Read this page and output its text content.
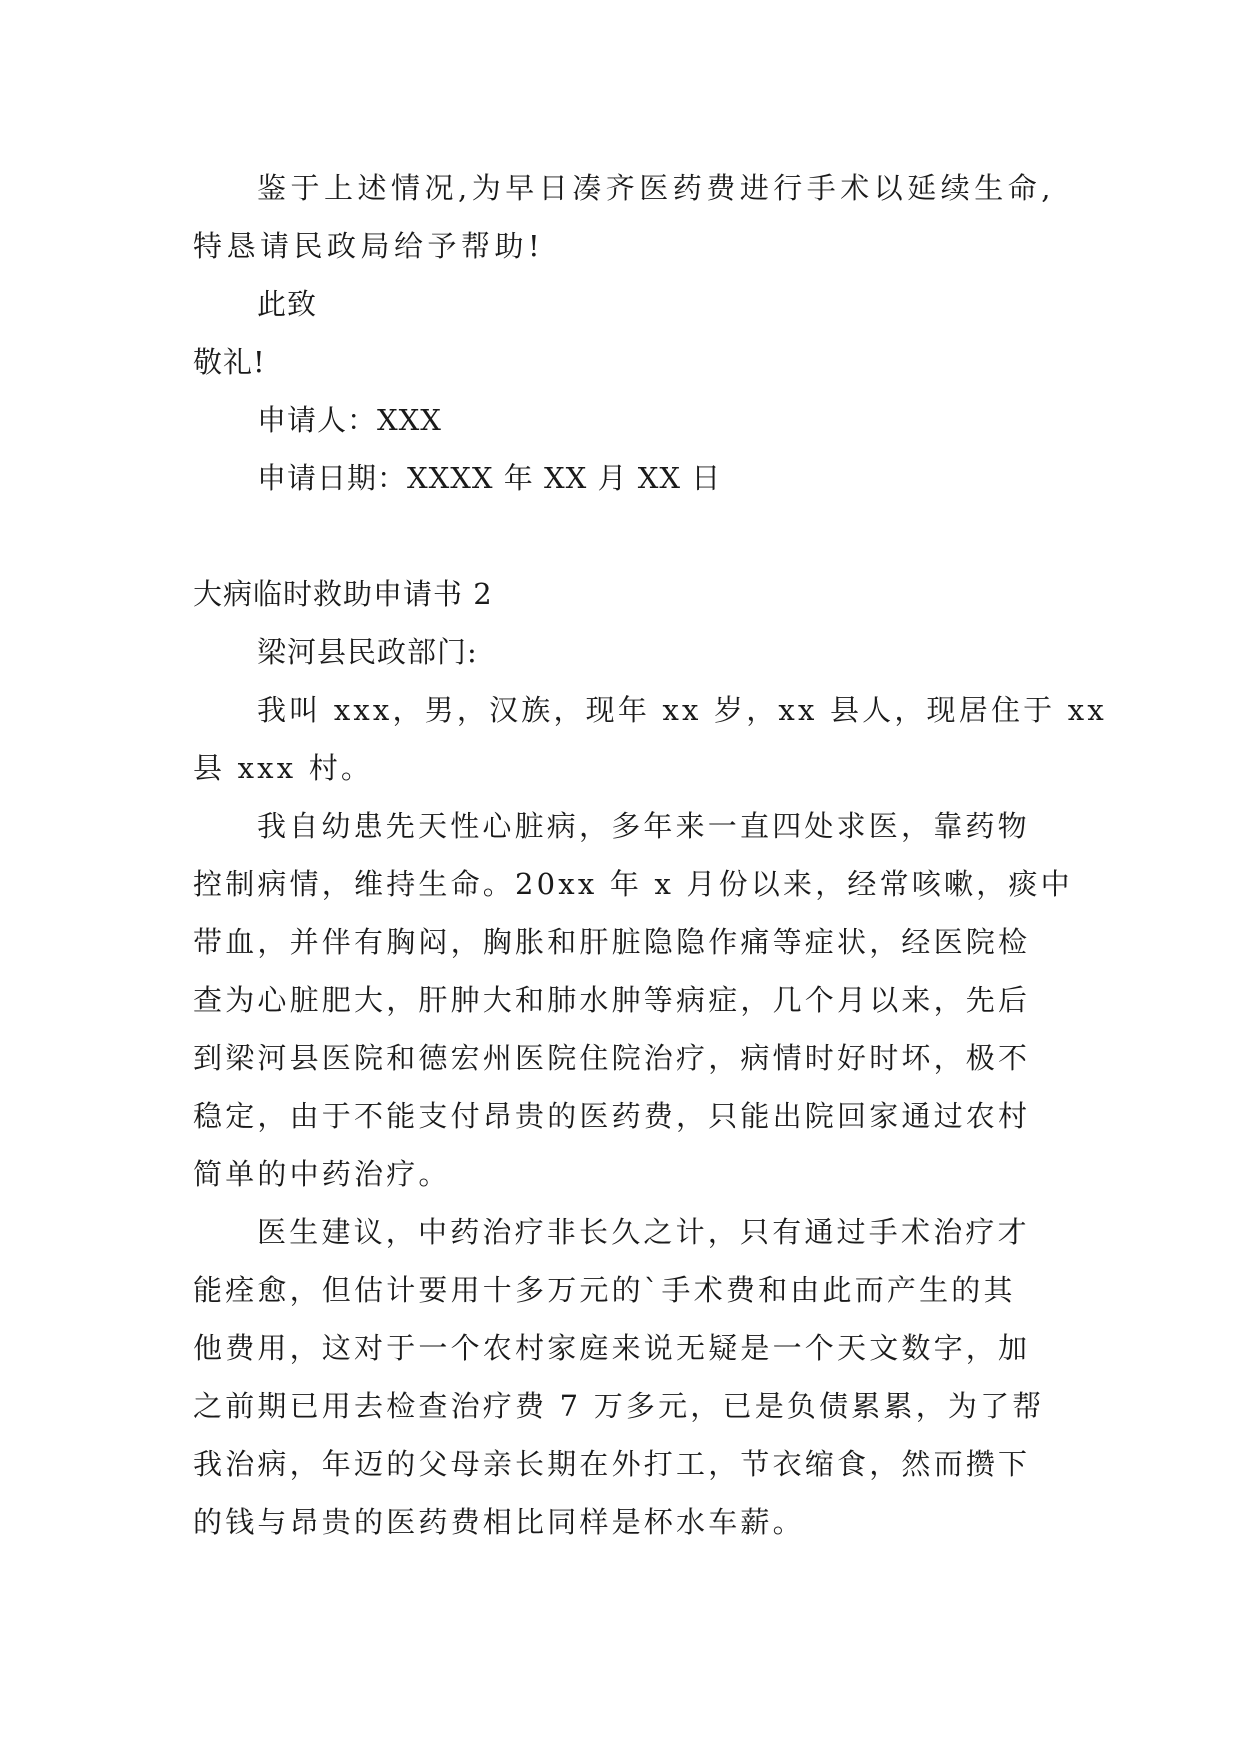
鉴于上述情况,为早日凑齐医药费进行手术以延续生命,
特恳请民政局给予帮助!
此致
敬礼!
申请人：XXX
申请日期：XXXX 年 XX 月 XX 日
大病临时救助申请书 2
梁河县民政部门:
我叫 xxx，男，汉族，现年 xx 岁，xx 县人，现居住于 xx
县 xxx 村。
我自幼患先天性心脏病，多年来一直四处求医，靠药物
控制病情，维持生命。20xx 年 x 月份以来，经常咳嗽，痰中
带血，并伴有胸闷，胸胀和肝脏隐隐作痛等症状，经医院检
查为心脏肥大，肝肿大和肺水肿等病症，几个月以来，先后
到梁河县医院和德宏州医院住院治疗，病情时好时坏，极不
稳定，由于不能支付昂贵的医药费，只能出院回家通过农村
简单的中药治疗。
医生建议，中药治疗非长久之计，只有通过手术治疗才
能痊愈，但估计要用十多万元的`手术费和由此而产生的其
他费用，这对于一个农村家庭来说无疑是一个天文数字，加
之前期已用去检查治疗费 7 万多元，已是负债累累，为了帮
我治病，年迈的父母亲长期在外打工，节衣缩食，然而攒下
的钱与昂贵的医药费相比同样是杯水车薪。
